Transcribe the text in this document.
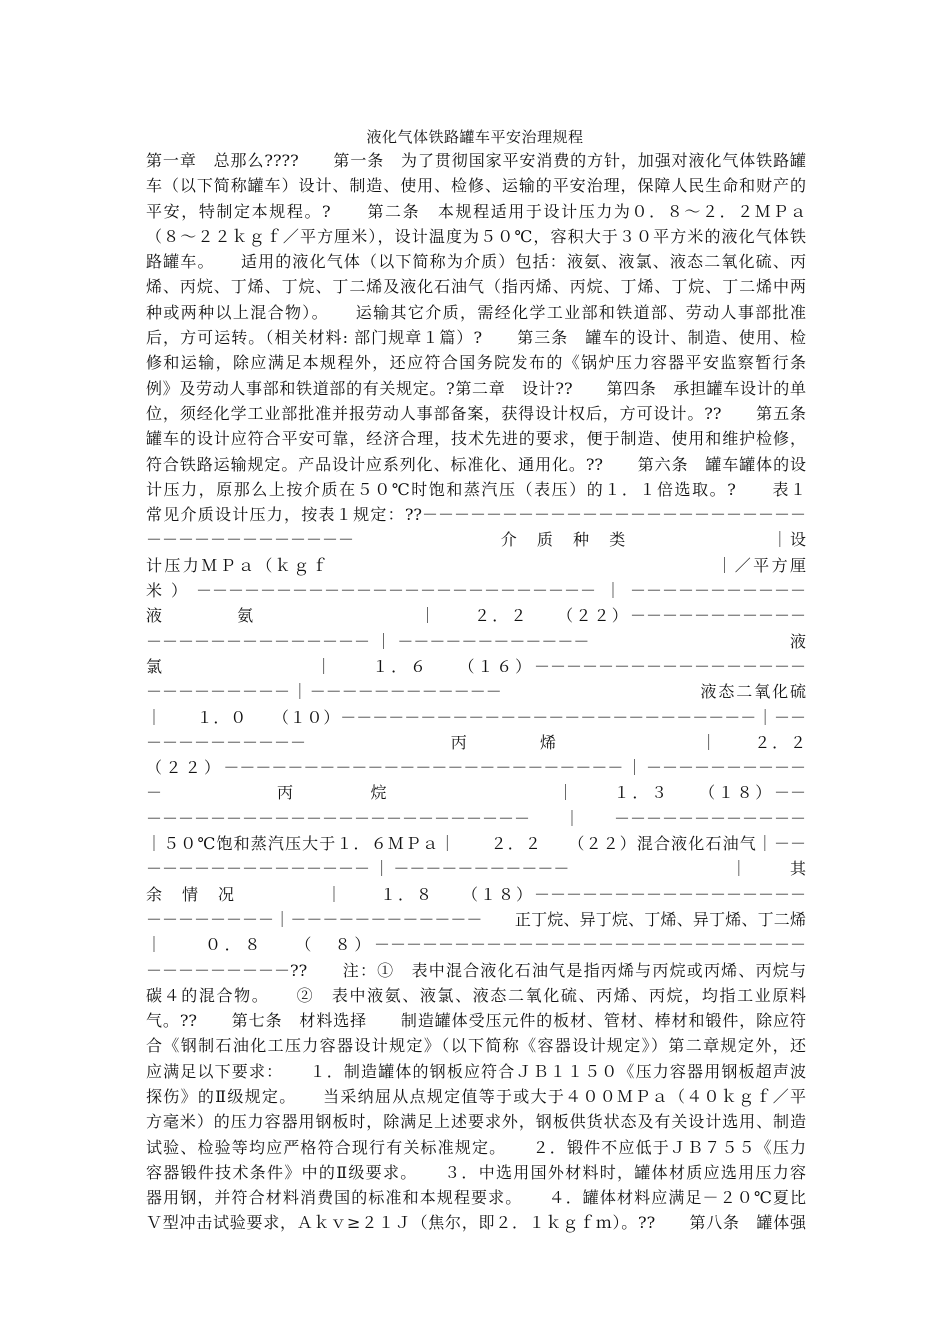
液化气体铁路罐车平安治理规程
第一章　总那么????　　第一条　为了贯彻国家平安消费的方针，加强对液化气体铁路罐
车（以下简称罐车）设计、制造、使用、检修、运输的平安治理，保障人民生命和财产的
平安，特制定本规程。?　　第二条　本规程适用于设计压力为０．８～２．２ＭＰａ
（８～２２ｋｇｆ／平方厘米），设计温度为５０℃，容积大于３０平方米的液化气体铁
路罐车。　　适用的液化气体（以下简称为介质）包括：液氨、液氯、液态二氧化硫、丙
烯、丙烷、丁烯、丁烷、丁二烯及液化石油气（指丙烯、丙烷、丁烯、丁烷、丁二烯中两
种或两种以上混合物）。　　运输其它介质，需经化学工业部和铁道部、劳动人事部批准
后，方可运转。（相关材料: 部门规章１篇）?　　第三条　罐车的设计、制造、使用、检
修和运输，除应满足本规程外，还应符合国务院发布的《锅炉压力容器平安监察暂行条
例》及劳动人事部和铁道部的有关规定。?第二章　设计??　　第四条　承担罐车设计的单
位，须经化学工业部批准并报劳动人事部备案，获得设计权后，方可设计。??　　第五条
罐车的设计应符合平安可靠，经济合理，技术先进的要求，便于制造、使用和维护检修，
符合铁路运输规定。产品设计应系列化、标准化、通用化。??　　第六条　罐车罐体的设
计压力，原那么上按介质在５０℃时饱和蒸汽压（表压）的１．１倍选取。?　　表１
常见介质设计压力，按表１规定：??－－－－－－－－－－－－－－－－－－－－－－－－
－－－－－－－－－－－－－　　　　　　　　介　质　种　类　　　　　　　　｜设
计压力ＭＰａ（ｋｇｆ　　　　　　　　　　　　　　　　　　　　　｜／平方厘
米）－－－－－－－－－－－－－－－－－－－－－－－－－｜－－－－－－－－－－－
液　　　　氨　　　　　　　　　｜　　２．２　　（２２）－－－－－－－－－－－
－－－－－－－－－－－－－－｜－－－－－－－－－－－－　　　　　　　　　液
氯　　　　　　　　｜　　１．６　　（１６）－－－－－－－－－－－－－－－－－
－－－－－－－－－｜－－－－－－－－－－－－　　　　　　　　　　　液态二氧化硫
｜　　１．０　　（１０）－－－－－－－－－－－－－－－－－－－－－－－－－－｜－－
－－－－－－－－－－　　　　　　　　丙　　　　烯　　　　　　　　｜　　２．２
（２２）－－－－－－－－－－－－－－－－－－－－－－－－－｜－－－－－－－－－－
－　　　　　　丙　　　　烷　　　　　　　　　｜　　１．３　　（１８）－－
－－－－－－－－－－－－－－－－－－－－－－－－｜－－－－－－－－－－－－
｜５０℃饱和蒸汽压大于１．６ＭＰａ｜　　２．２　　（２２）混合液化石油气｜－－
－－－－－－－－－－－－－－｜－－－－－－－－－－－　　　　　　　　｜　　其
余　情　况　　　　　｜　　１．８　　（１８）－－－－－－－－－－－－－－－－－
－－－－－－－－｜－－－－－－－－－－－－　　正丁烷、异丁烷、丁烯、异丁烯、丁二烯
｜　　０．８　　（　８）－－－－－－－－－－－－－－－－－－－－－－－－－－－
－－－－－－－－－??　　注：①　表中混合液化石油气是指丙烯与丙烷或丙烯、丙烷与
碳４的混合物。　　②　表中液氨、液氯、液态二氧化硫、丙烯、丙烷，均指工业原料
气。??　　第七条　材料选择　　制造罐体受压元件的板材、管材、棒材和锻件，除应符
合《钢制石油化工压力容器设计规定》（以下简称《容器设计规定》）第二章规定外，还
应满足以下要求：　　１．制造罐体的钢板应符合ＪＢ１１５０《压力容器用钢板超声波
探伤》的Ⅱ级规定。　　当采纳屈从点规定值等于或大于４００ＭＰａ（４０ｋｇｆ／平
方毫米）的压力容器用钢板时，除满足上述要求外，钢板供货状态及有关设计选用、制造
试验、检验等均应严格符合现行有关标准规定。　　２．锻件不应低于ＪＢ７５５《压力
容器锻件技术条件》中的Ⅱ级要求。　　３．中选用国外材料时，罐体材质应选用压力容
器用钢，并符合材料消费国的标准和本规程要求。　　４．罐体材料应满足－２０℃夏比
Ｖ型冲击试验要求，Ａｋｖ≥２１Ｊ（焦尔，即２．１ｋｇｆｍ）。??　　第八条　罐体强
